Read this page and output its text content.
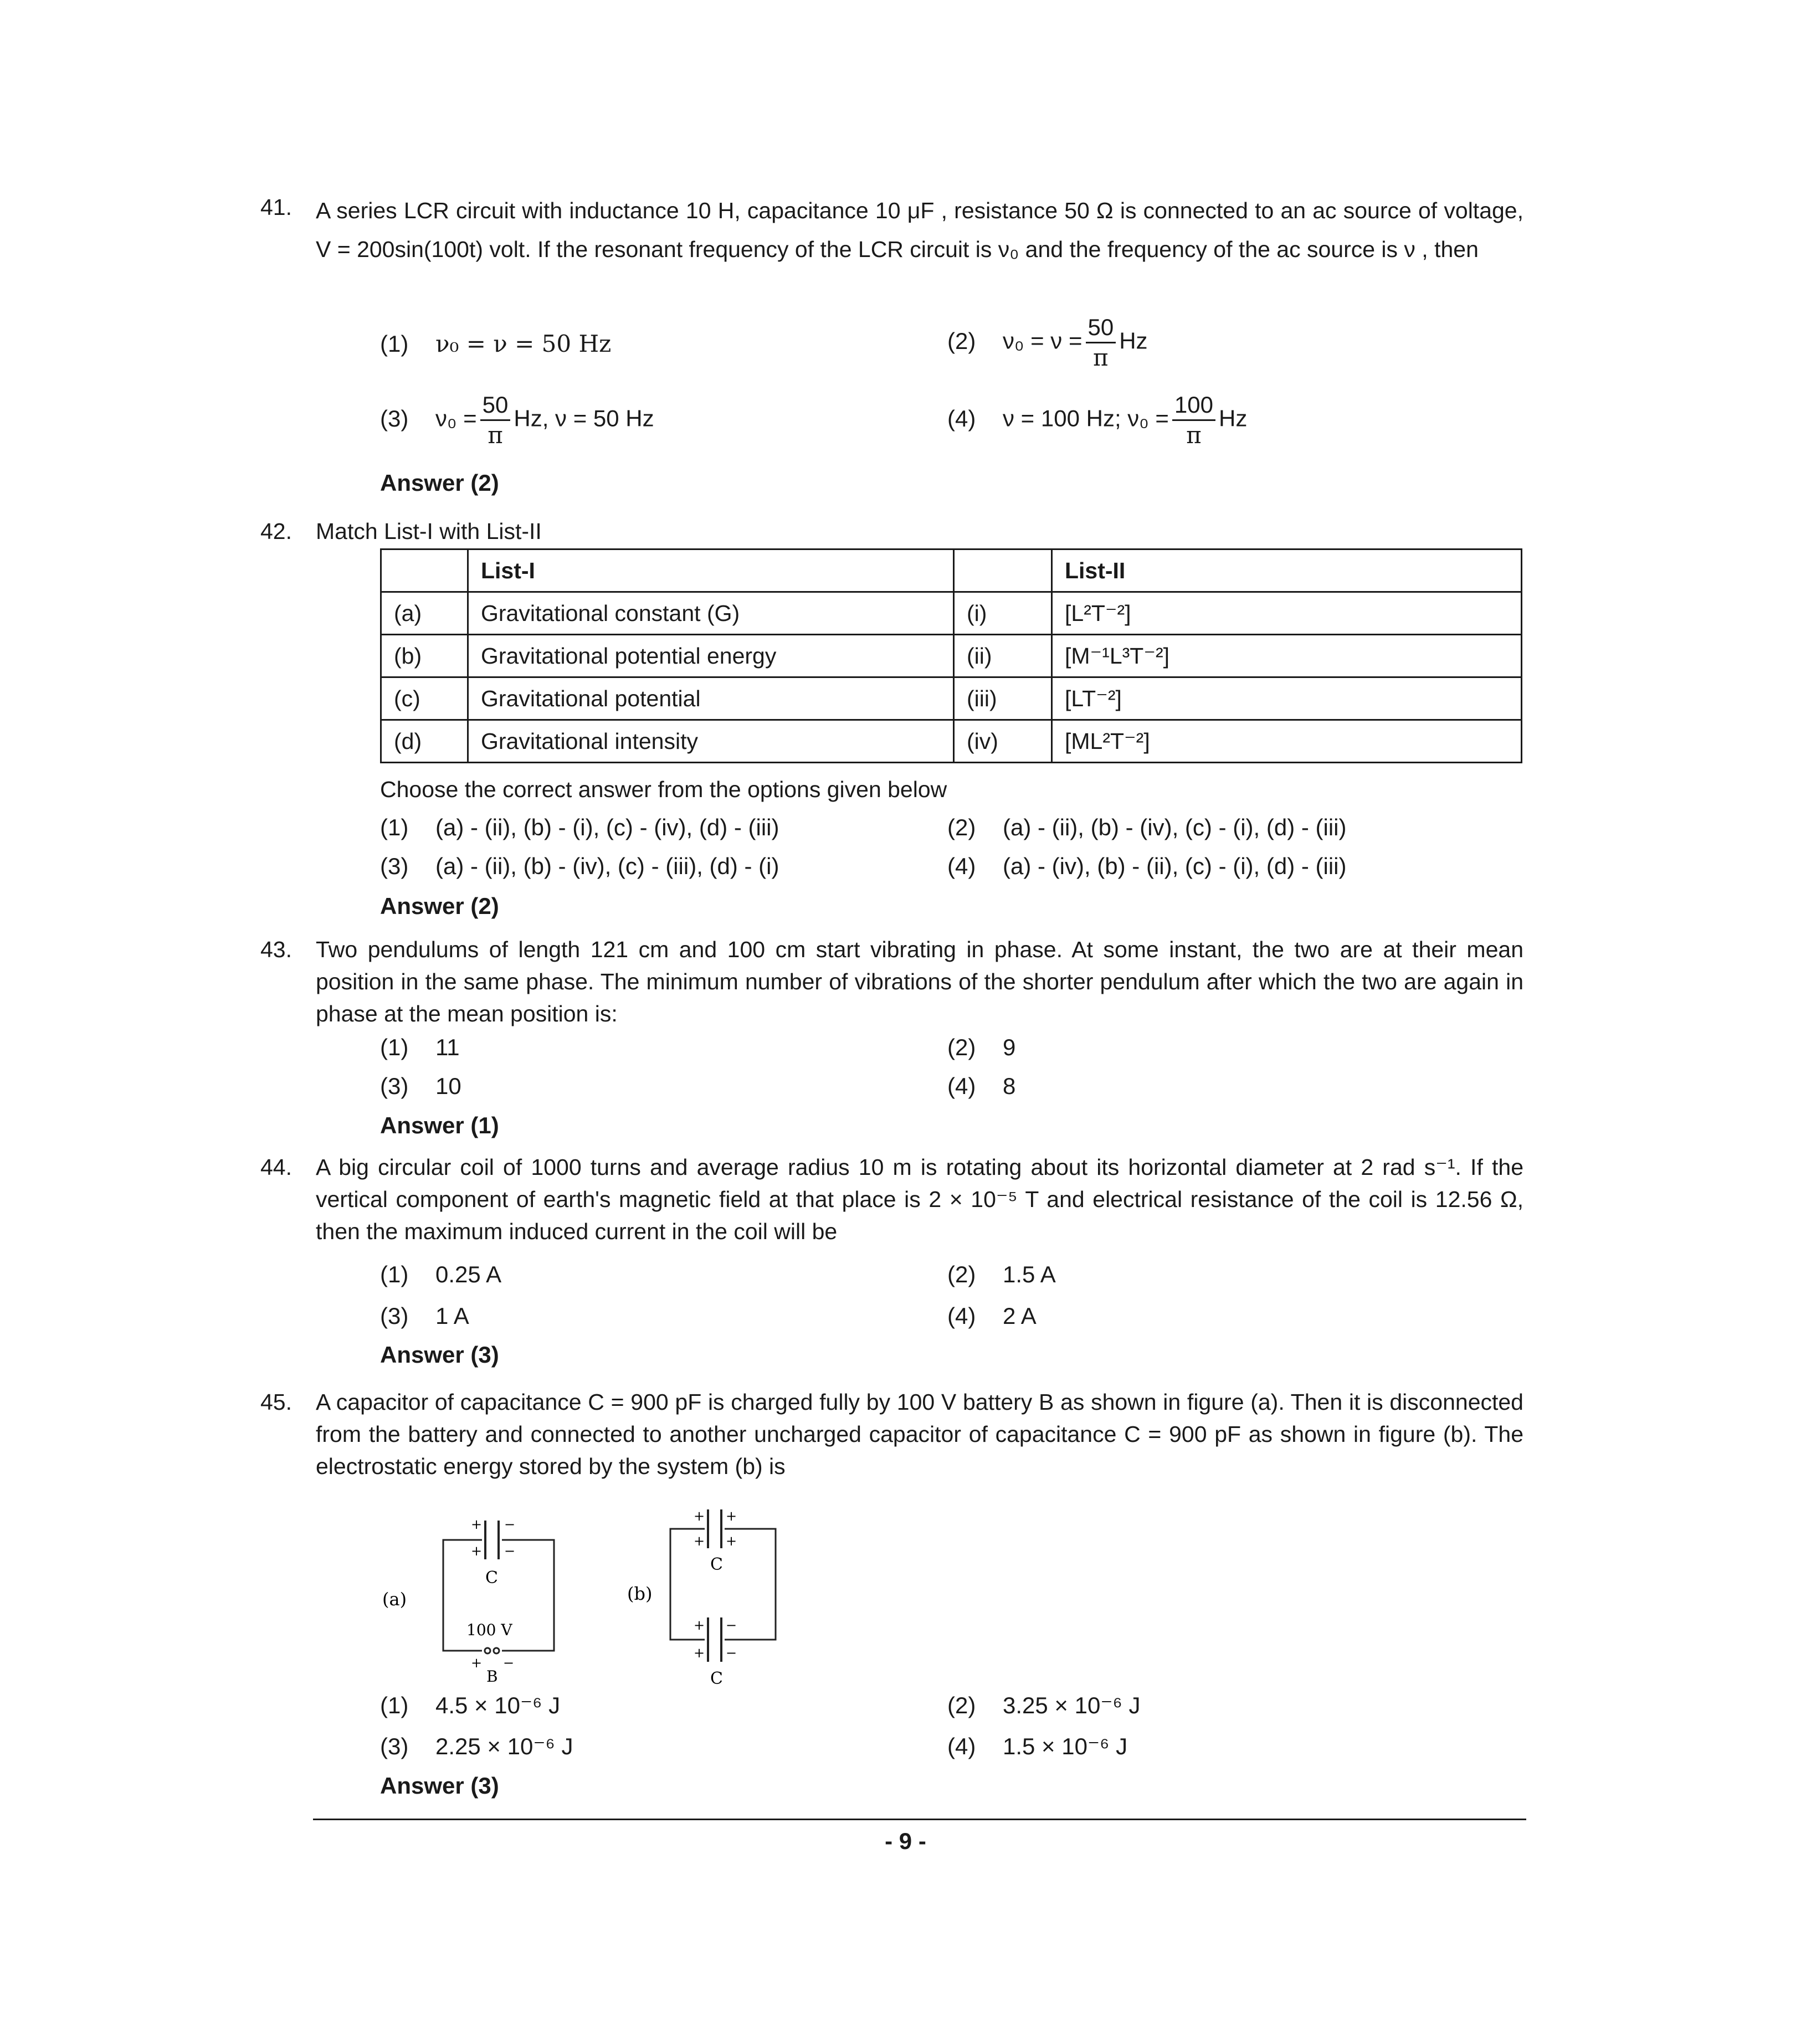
41. A series LCR circuit with inductance 10 H, capacitance 10 μF , resistance 50 Ω is connected to an ac source of voltage, V = 200sin(100t) volt. If the resonant frequency of the LCR circuit is ν₀ and the frequency of the ac source is ν , then
(1) ν₀ = ν = 50 Hz	(2) $\nu_0 = \nu = \frac{50}{\pi}$ Hz
(3) $\nu_0 = \frac{50}{\pi} Hz$, ν = 50 Hz	(4) ν = 100 Hz; $\nu_0 = \frac{100}{\pi}$ Hz
Answer (2)
42. Match List-I with List-II
	List-I		List-II
(a)	Gravitational constant (G)	(i)	[L²T⁻²]
(b)	Gravitational potential energy	(ii)	[M⁻¹L³T⁻²]
(c)	Gravitational potential	(iii)	[LT⁻²]
(d)	Gravitational intensity	(iv)	[ML²T⁻²]
Choose the correct answer from the options given below
(1) (a) - (ii), (b) - (i), (c) - (iv), (d) - (iii)	(2) (a) - (ii), (b) - (iv), (c) - (i), (d) - (iii)
(3) (a) - (ii), (b) - (iv), (c) - (iii), (d) - (i)	(4) (a) - (iv), (b) - (ii), (c) - (i), (d) - (iii)
Answer (2)
43. Two pendulums of length 121 cm and 100 cm start vibrating in phase. At some instant, the two are at their mean position in the same phase. The minimum number of vibrations of the shorter pendulum after which the two are again in phase at the mean position is:
(1) 11	(2) 9
(3) 10	(4) 8
Answer (1)
44. A big circular coil of 1000 turns and average radius 10 m is rotating about its horizontal diameter at 2 rad s⁻¹. If the vertical component of earth's magnetic field at that place is 2 × 10⁻⁵ T and electrical resistance of the coil is 12.56 Ω, then the maximum induced current in the coil will be
(1) 0.25 A	(2) 1.5 A
(3) 1 A	(4) 2 A
Answer (3)
45. A capacitor of capacitance C = 900 pF is charged fully by 100 V battery B as shown in figure (a). Then it is disconnected from the battery and connected to another uncharged capacitor of capacitance C = 900 pF as shown in figure (b). The electrostatic energy stored by the system (b) is
+
+
−
−
C
(a)
100 V
+ −
B
+
+
+
+
C
(b)
+
+
−
−
C
(1) 4.5 × 10⁻⁶ J	(2) 3.25 × 10⁻⁶ J
(3) 2.25 × 10⁻⁶ J	(4) 1.5 × 10⁻⁶ J
Answer (3)
- 9 -
